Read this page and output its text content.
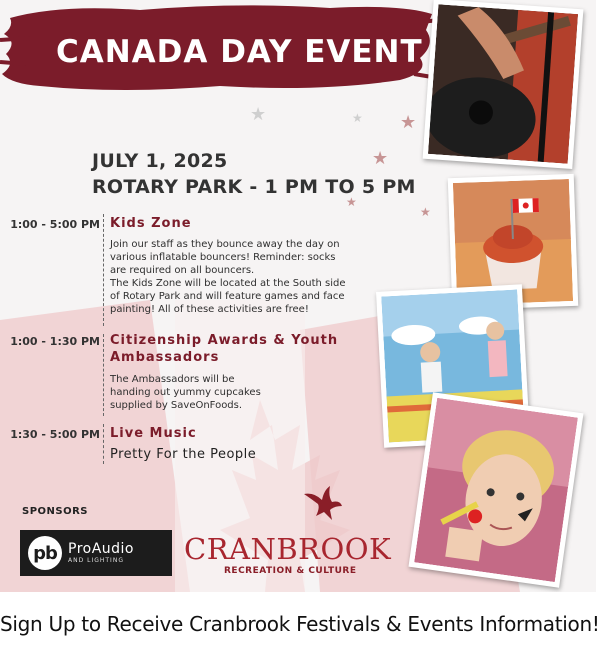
CANADA DAY EVENT
★
★
★	★
★
★
JULY 1, 2025
ROTARY PARK - 1 PM TO 5 PM
1:00 - 5:00 PM Kids Zone
Join our staff as they bounce away the day on
various inflatable bouncers! Reminder: socks
are required on all bouncers.
The Kids Zone will be located at the South side
of Rotary Park and will feature games and face
painting! All of these activities are free!
1:00 - 1:30 PM Citizenship Awards & Youth
Ambassadors
The Ambassadors will be
handing out yummy cupcakes
supplied by SaveOnFoods.
1:30 - 5:00 PM Live Music
Pretty For the People
SPONSORS
pb ProAudio
AND LIGHTING	CRANBROOK
RECREATION & CULTURE
Sign Up to Receive Cranbrook Festivals & Events Information!
